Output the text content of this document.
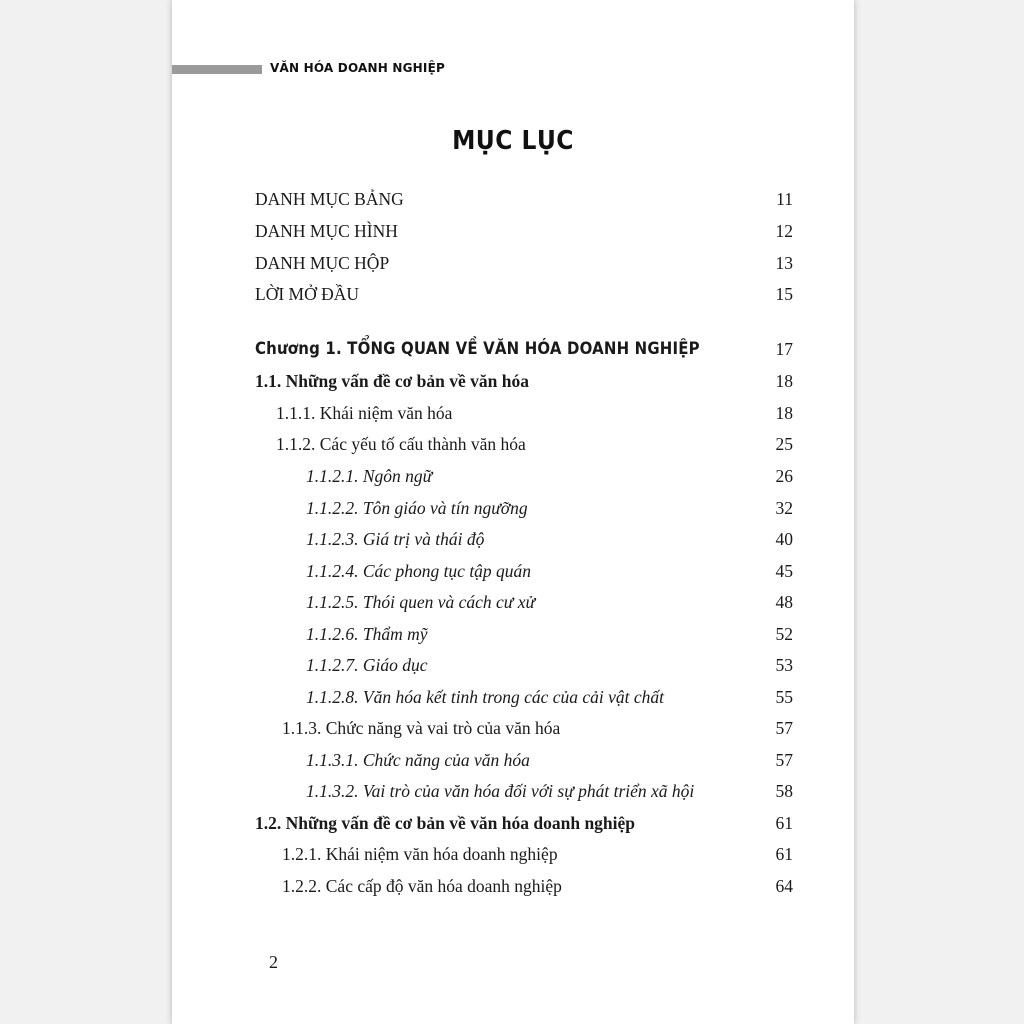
VĂN HÓA DOANH NGHIỆP
MỤC LỤC
DANH MỤC BẢNG	11
DANH MỤC HÌNH	12
DANH MỤC HỘP	13
LỜI MỞ ĐẦU	15
Chương 1. TỔNG QUAN VỀ VĂN HÓA DOANH NGHIỆP	17
1.1. Những vấn đề cơ bản về văn hóa	18
1.1.1. Khái niệm văn hóa	18
1.1.2. Các yếu tố cấu thành văn hóa	25
1.1.2.1. Ngôn ngữ	26
1.1.2.2. Tôn giáo và tín ngưỡng	32
1.1.2.3. Giá trị và thái độ	40
1.1.2.4. Các phong tục tập quán	45
1.1.2.5. Thói quen và cách cư xử	48
1.1.2.6. Thẩm mỹ	52
1.1.2.7. Giáo dục	53
1.1.2.8. Văn hóa kết tinh trong các của cải vật chất	55
1.1.3. Chức năng và vai trò của văn hóa	57
1.1.3.1. Chức năng của văn hóa	57
1.1.3.2. Vai trò của văn hóa đối với sự phát triển xã hội	58
1.2. Những vấn đề cơ bản về văn hóa doanh nghiệp	61
1.2.1. Khái niệm văn hóa doanh nghiệp	61
1.2.2. Các cấp độ văn hóa doanh nghiệp	64
2
